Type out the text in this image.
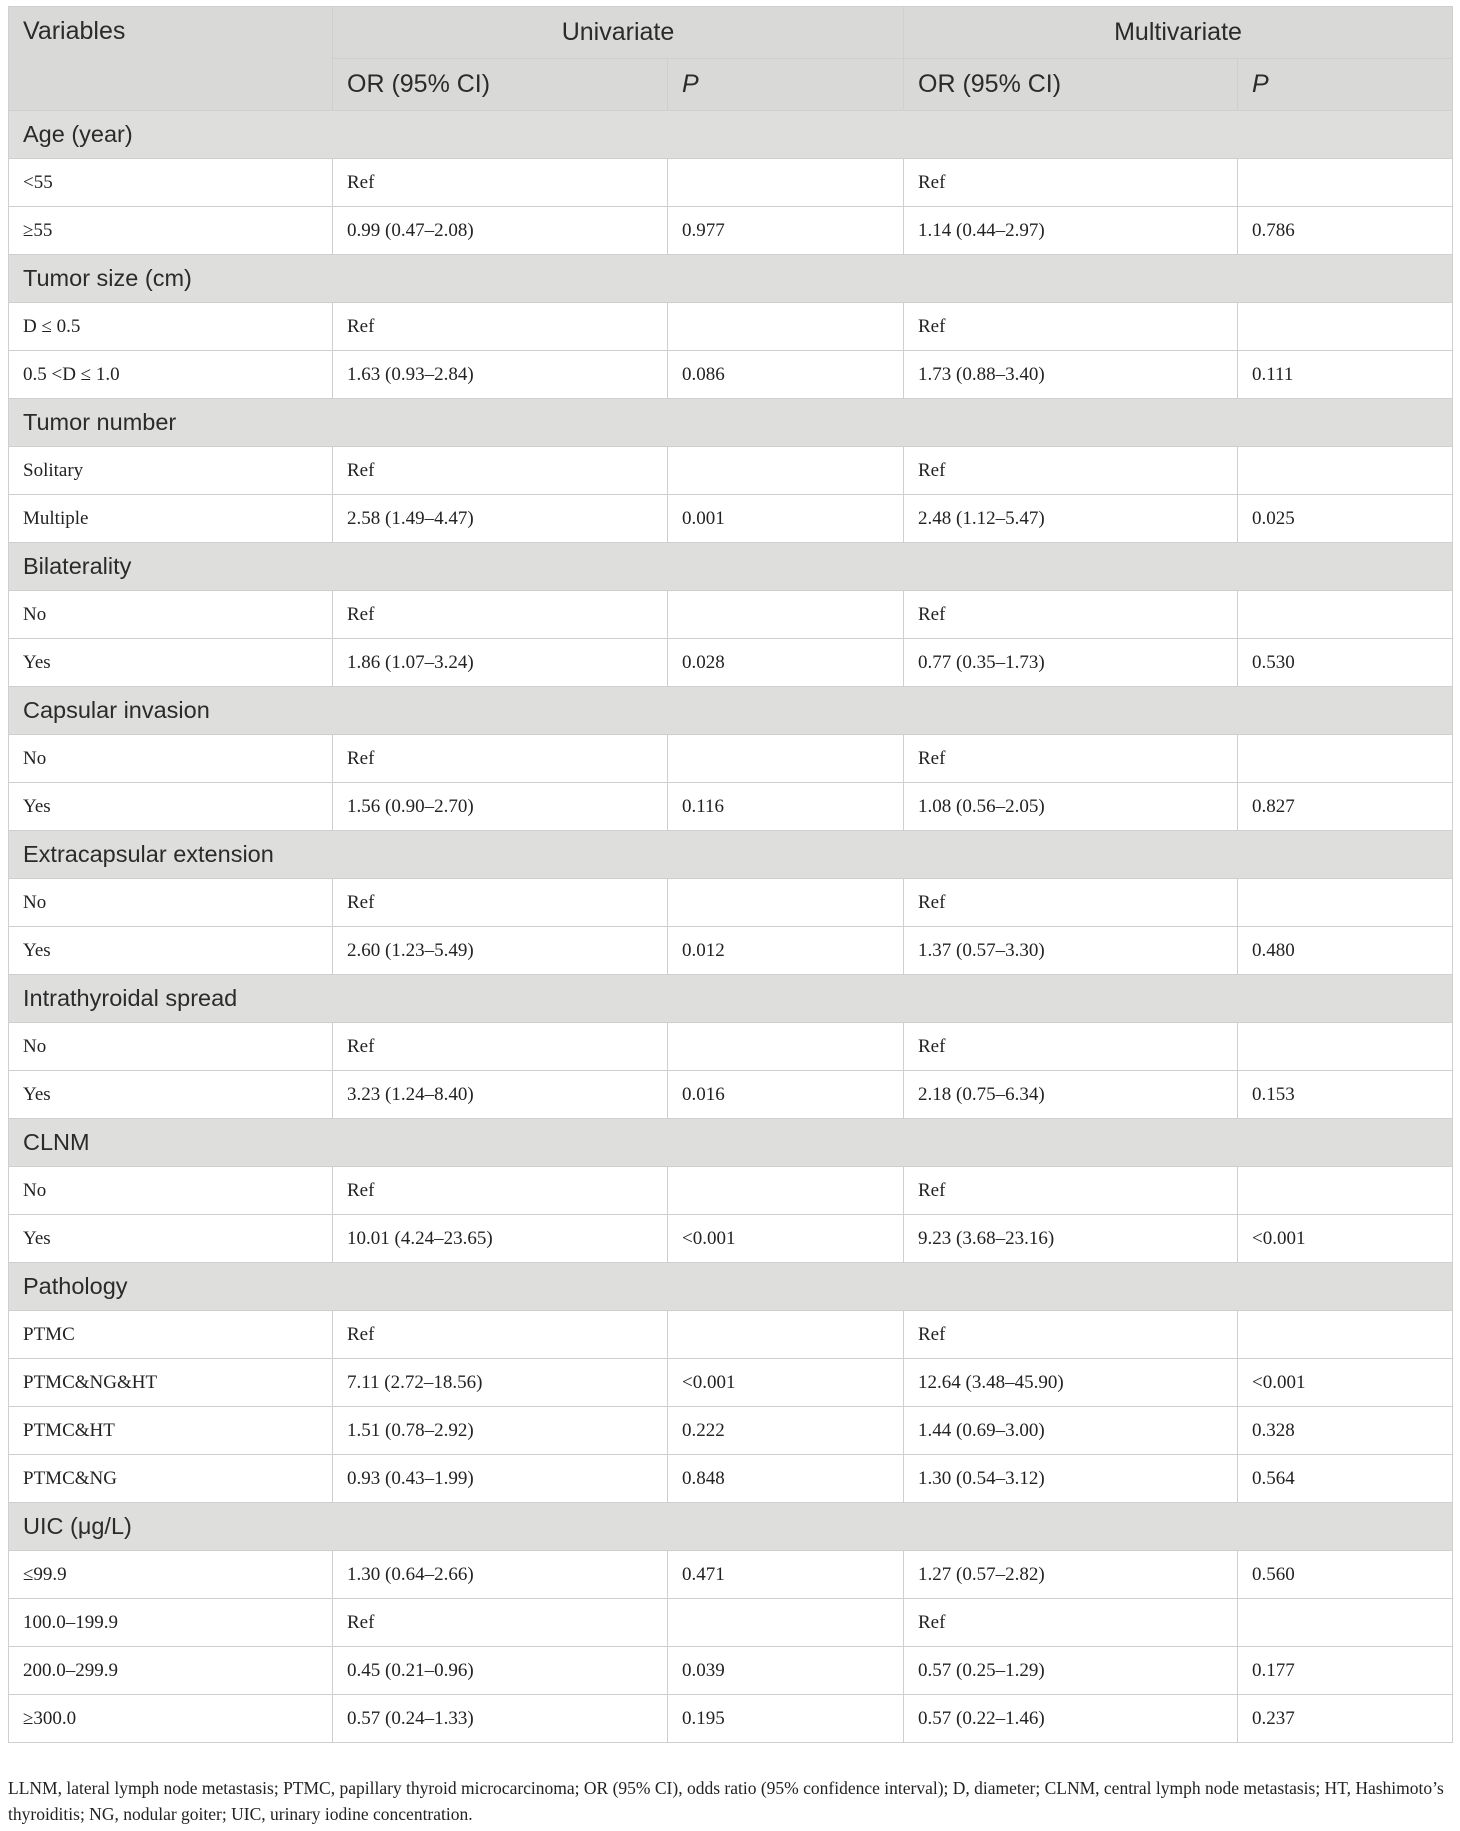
Variables	Univariate		Multivariate	
	OR (95% CI)	P	OR (95% CI)	P
Age (year)				
<55	Ref		Ref	
≥55	0.99 (0.47–2.08)	0.977	1.14 (0.44–2.97)	0.786
Tumor size (cm)				
D ≤ 0.5	Ref		Ref	
0.5 <D ≤ 1.0	1.63 (0.93–2.84)	0.086	1.73 (0.88–3.40)	0.111
Tumor number				
Solitary	Ref		Ref	
Multiple	2.58 (1.49–4.47)	0.001	2.48 (1.12–5.47)	0.025
Bilaterality				
No	Ref		Ref	
Yes	1.86 (1.07–3.24)	0.028	0.77 (0.35–1.73)	0.530
Capsular invasion				
No	Ref		Ref	
Yes	1.56 (0.90–2.70)	0.116	1.08 (0.56–2.05)	0.827
Extracapsular extension				
No	Ref		Ref	
Yes	2.60 (1.23–5.49)	0.012	1.37 (0.57–3.30)	0.480
Intrathyroidal spread				
No	Ref		Ref	
Yes	3.23 (1.24–8.40)	0.016	2.18 (0.75–6.34)	0.153
CLNM				
No	Ref		Ref	
Yes	10.01 (4.24–23.65)	<0.001	9.23 (3.68–23.16)	<0.001
Pathology				
PTMC	Ref		Ref	
PTMC&NG&HT	7.11 (2.72–18.56)	<0.001	12.64 (3.48–45.90)	<0.001
PTMC&HT	1.51 (0.78–2.92)	0.222	1.44 (0.69–3.00)	0.328
PTMC&NG	0.93 (0.43–1.99)	0.848	1.30 (0.54–3.12)	0.564
UIC (μg/L)				
≤99.9	1.30 (0.64–2.66)	0.471	1.27 (0.57–2.82)	0.560
100.0–199.9	Ref		Ref	
200.0–299.9	0.45 (0.21–0.96)	0.039	0.57 (0.25–1.29)	0.177
≥300.0	0.57 (0.24–1.33)	0.195	0.57 (0.22–1.46)	0.237
LLNM, lateral lymph node metastasis; PTMC, papillary thyroid microcarcinoma; OR (95% CI), odds ratio (95% confidence interval); D, diameter; CLNM, central lymph node metastasis; HT, Hashimoto’s thyroiditis; NG, nodular goiter; UIC, urinary iodine concentration.
